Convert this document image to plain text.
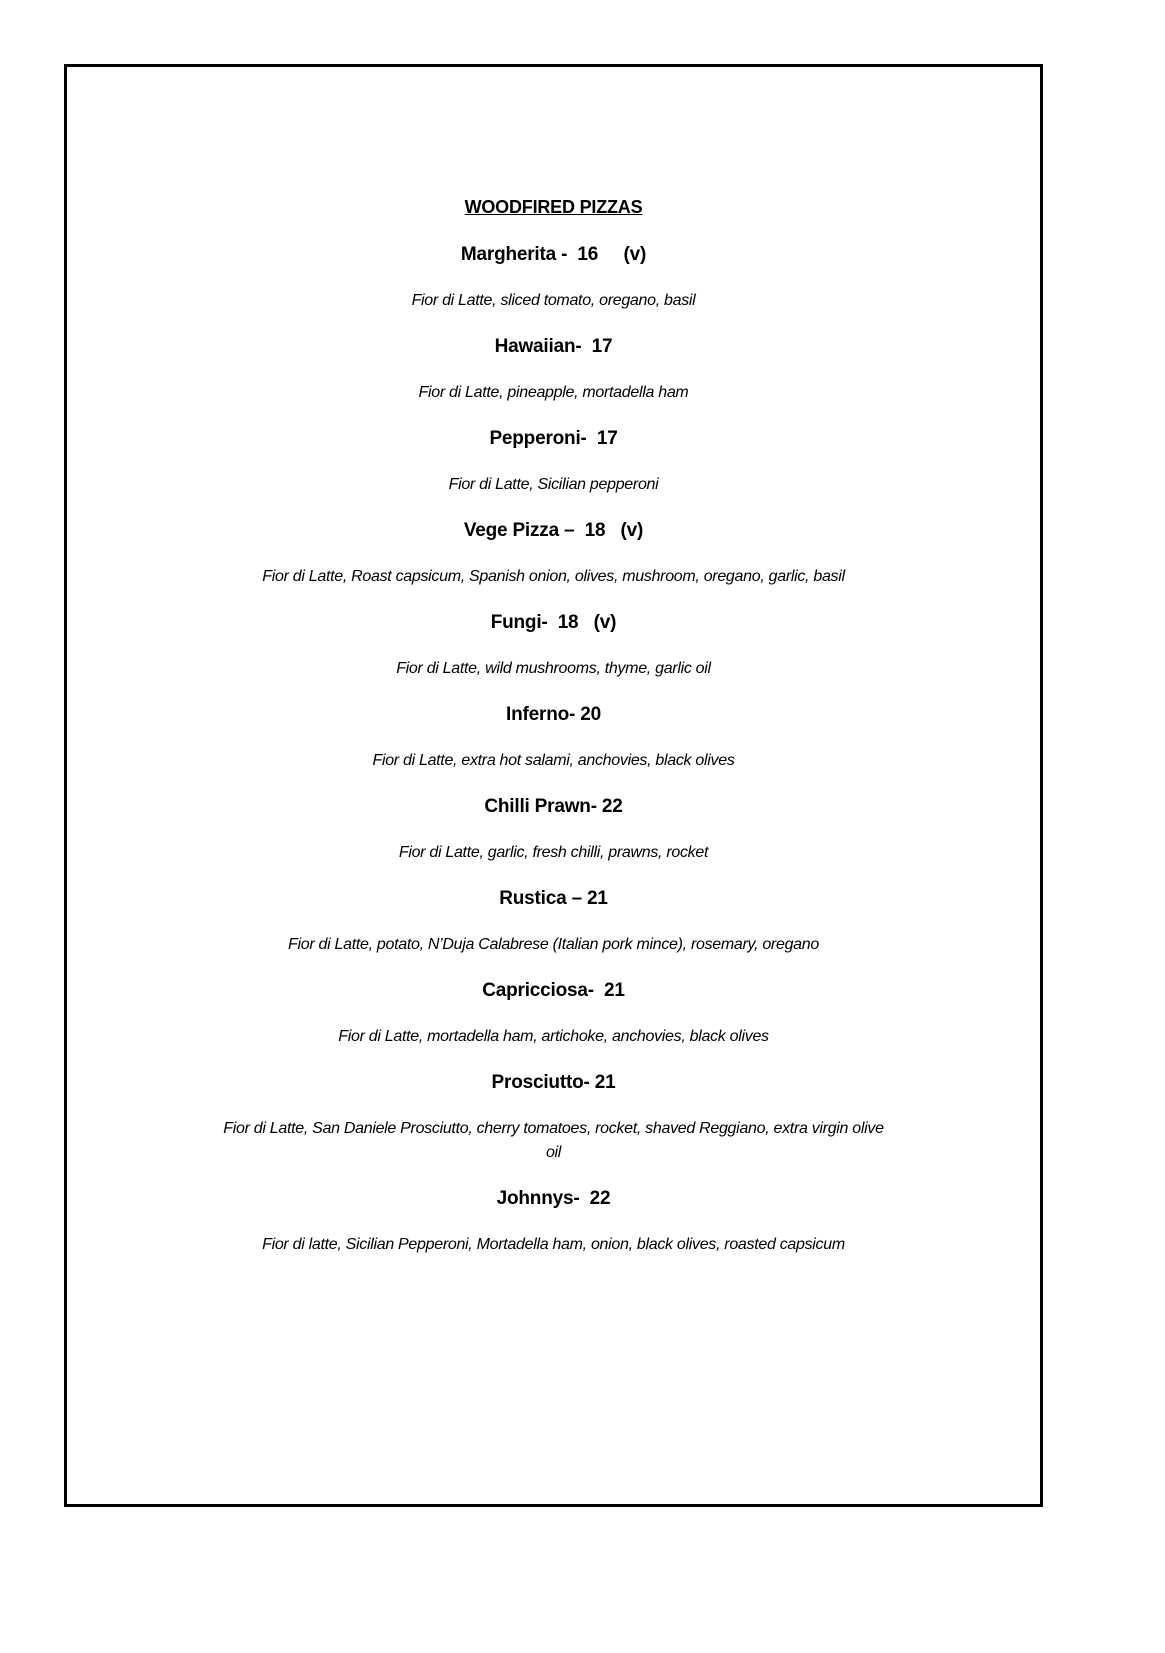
WOODFIRED PIZZAS

Margherita -  16     (v)

Fior di Latte, sliced tomato, oregano, basil

Hawaiian-  17

Fior di Latte, pineapple, mortadella ham

Pepperoni-  17

Fior di Latte, Sicilian pepperoni

Vege Pizza –  18   (v)

Fior di Latte, Roast capsicum, Spanish onion, olives, mushroom, oregano, garlic, basil

Fungi-  18   (v)

Fior di Latte, wild mushrooms, thyme, garlic oil

Inferno- 20

Fior di Latte, extra hot salami, anchovies, black olives

Chilli Prawn- 22

Fior di Latte, garlic, fresh chilli, prawns, rocket

Rustica – 21

Fior di Latte, potato, N’Duja Calabrese (Italian pork mince), rosemary, oregano

Capricciosa-  21

Fior di Latte, mortadella ham, artichoke, anchovies, black olives

Prosciutto- 21

Fior di Latte, San Daniele Prosciutto, cherry tomatoes, rocket, shaved Reggiano, extra virgin olive

oil

Johnnys-  22

Fior di latte, Sicilian Pepperoni, Mortadella ham, onion, black olives, roasted capsicum
